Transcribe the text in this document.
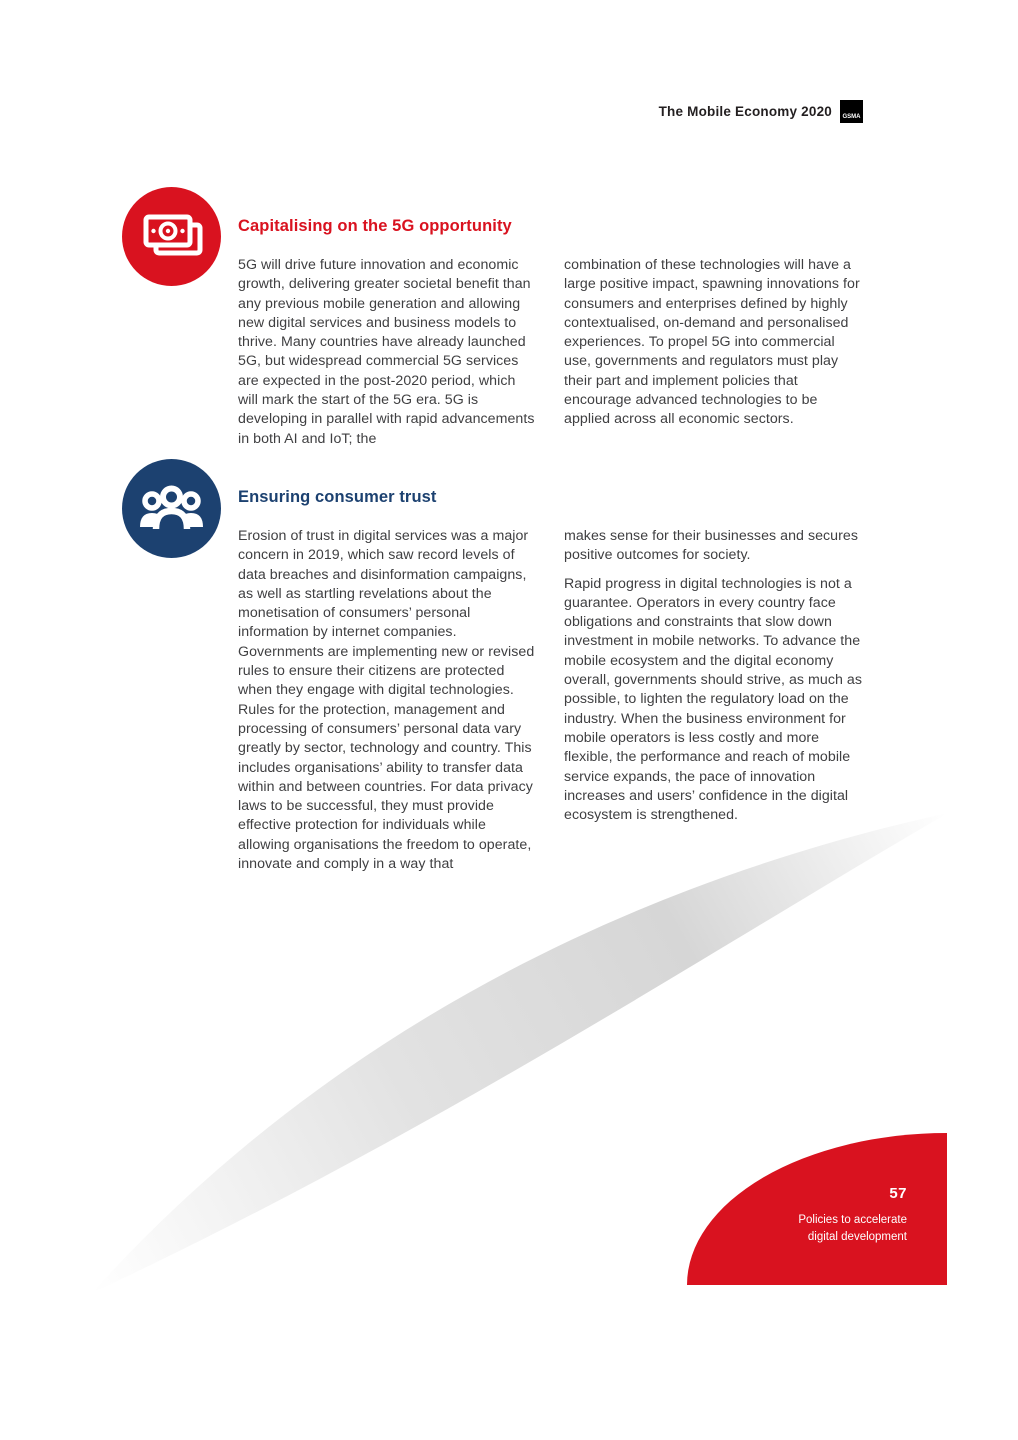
The Mobile Economy 2020 GSMA
Capitalising on the 5G opportunity

5G will drive future innovation and economic growth, delivering greater societal benefit than any previous mobile generation and allowing new digital services and business models to thrive. Many countries have already launched 5G, but widespread commercial 5G services are expected in the post-2020 period, which will mark the start of the 5G era. 5G is developing in parallel with rapid advancements in both AI and IoT; the

combination of these technologies will have a large positive impact, spawning innovations for consumers and enterprises defined by highly contextualised, on-demand and personalised experiences. To propel 5G into commercial use, governments and regulators must play their part and implement policies that encourage advanced technologies to be applied across all economic sectors.

Ensuring consumer trust

Erosion of trust in digital services was a major concern in 2019, which saw record levels of data breaches and disinformation campaigns, as well as startling revelations about the monetisation of consumers’ personal information by internet companies. Governments are implementing new or revised rules to ensure their citizens are protected when they engage with digital technologies. Rules for the protection, management and processing of consumers’ personal data vary greatly by sector, technology and country. This includes organisations’ ability to transfer data within and between countries. For data privacy laws to be successful, they must provide effective protection for individuals while allowing organisations the freedom to operate, innovate and comply in a way that

makes sense for their businesses and secures positive outcomes for society.

Rapid progress in digital technologies is not a guarantee. Operators in every country face obligations and constraints that slow down investment in mobile networks. To advance the mobile ecosystem and the digital economy overall, governments should strive, as much as possible, to lighten the regulatory load on the industry. When the business environment for mobile operators is less costly and more flexible, the performance and reach of mobile service expands, the pace of innovation increases and users’ confidence in the digital ecosystem is strengthened.

57
Policies to accelerate
digital development
